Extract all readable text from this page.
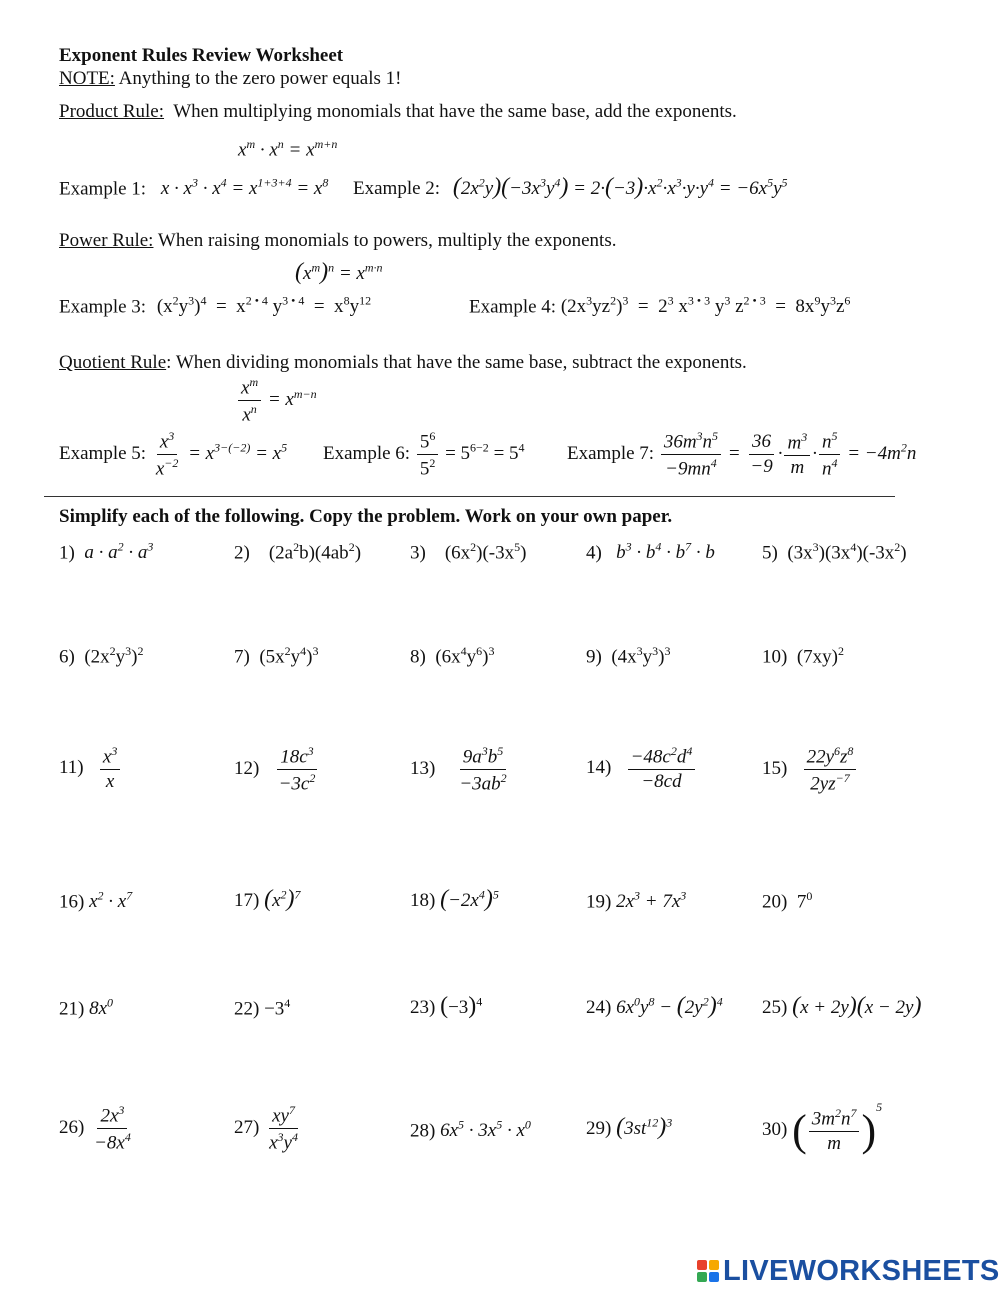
Exponent Rules Review Worksheet
NOTE: Anything to the zero power equals 1!
Product Rule: When multiplying monomials that have the same base, add the exponents.
$x^m \cdot x^n = x^{m+n}$
Example 1: $x \cdot x^3 \cdot x^4 = x^{1+3+4} = x^8$ Example 2: $(2x^2y)(-3x^3y^4) = 2\cdot(-3)\cdot x^2\cdot x^3\cdot y\cdot y^4 = -6x^5y^5$
Power Rule: When raising monomials to powers, multiply the exponents.
$(x^m)^n = x^{m\cdot n}$
Example 3: $(x^2y^3)^4 = x^{2 • 4}$ $y^{3 • 4} = x^8y^{12}$	Example 4: $(2x^3yz^2)^3 = 2^3$ $x^{3 • 3}$ $y^3$ $z^{2 • 3} = 8x^9y^3z^6$
Quotient Rule: When dividing monomials that have the same base, subtract the exponents.
$\frac{x^m}{x^n} = x^{m-n}$
Example 5: $\frac{x^3}{x^{-2}} = x^{3-(-2)} = x^5$ Example 6: $\frac{5^6}{5^2} = 5^{6-2} = 5^4$ Example 7: $\frac{36m^3n^5}{-9mn^4} = \frac{36}{-9} \cdot \frac{m^3}{m} \cdot \frac{n^5}{n^4} = -4m^2n$
Simplify each of the following. Copy the problem. Work on your own paper.
1) $a \cdot a^2 \cdot a^3$	2)    $(2a^2b)(4ab^2)$	3)    $(6x^2)(-3x^5)$	4) $b^3 \cdot b^4 \cdot b^7 \cdot b$ 5)  $(3x^3)(3x^4)(-3x^2)$
6)  $(2x^2y^3)^2$	7)  $(5x^2y^4)^3$	8)  $(6x^4y^6)^3$	9)  $(4x^3y^3)^3$	10)  $(7xy)^2$
$11) \frac{x^3}{x}$	$12) \frac{18c^3}{-3c^2}$	$13) \frac{9a^3b^5}{-3ab^2}$	$14) \frac{-48c^2d^4}{-8cd}$	$15) \frac{22y^6z^8}{2yz^{-7}}$
16) $x^2 \cdot x^7$	17) $(x^2)^7$	18) $(-2x^4)^5$	19) $2x^3 + 7x^3$	20)  $7^0$
21) $8x^0$	$22) -3^4$	23) $(-3)^4$	24) $6x^0y^8 - (2y^2)^4$ 25) (x + 2y)(x − 2y)
$26) \frac{2x^3}{-8x^4}$	$27) \frac{xy^7}{x^3y^4}$	28) $6x^5 \cdot 3x^5 \cdot x^0$	29) $(3st^{12})^3$	30) ( $\frac{3m^2n^7}{m} )^5$
LIVEWORKSHEETS
